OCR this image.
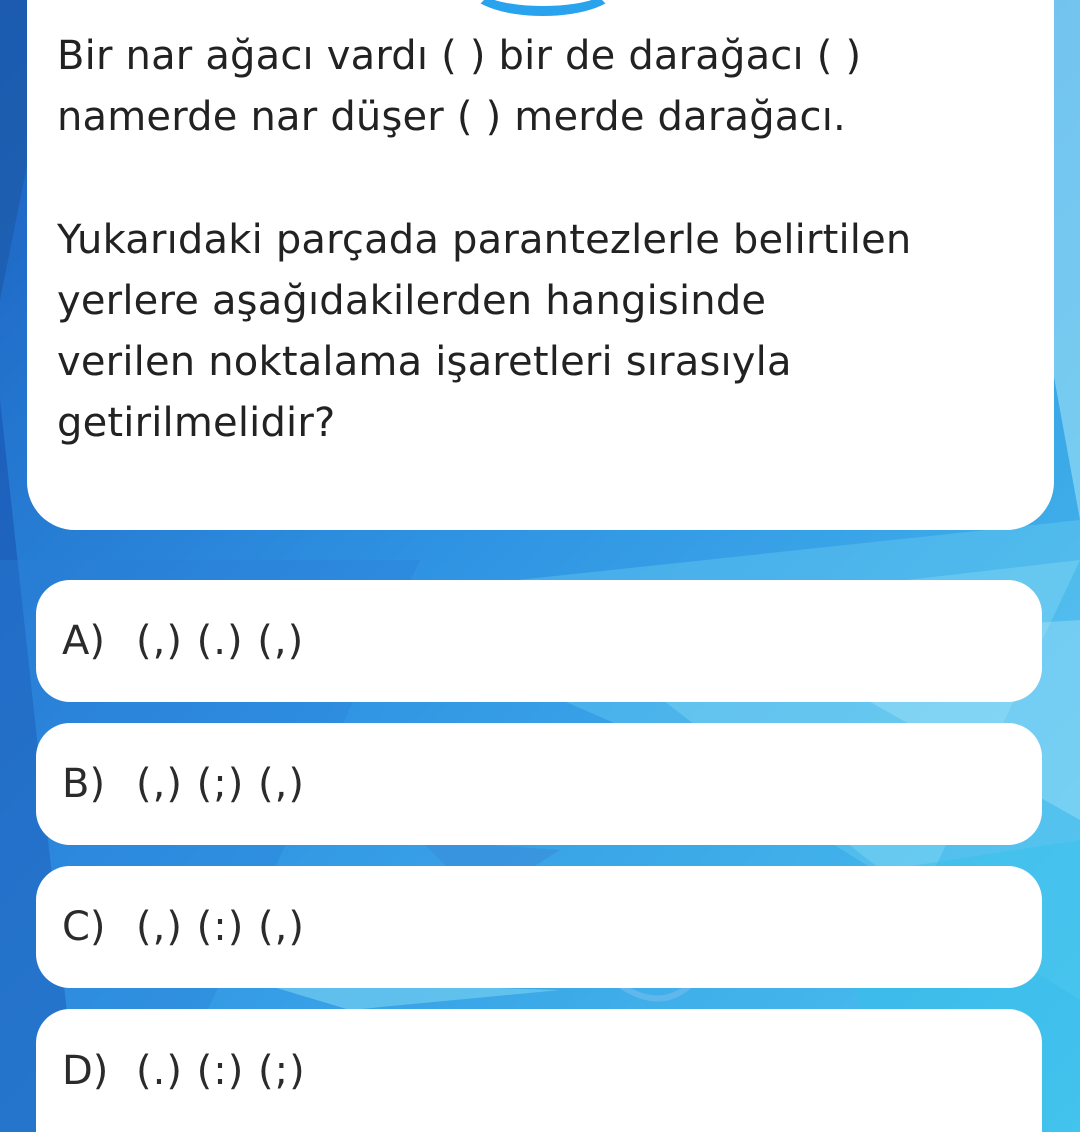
Bir nar ağacı vardı ( ) bir de darağacı ( )

namerde nar düşer ( ) merde darağacı.

Yukarıdaki parçada parantezlerle belirtilen

yerlere aşağıdakilerden hangisinde

verilen noktalama işaretleri sırasıyla

getirilmelidir?

A) (,) (.) (,)
B) (,) (;) (,)
C) (,) (:) (,)
D) (.) (:) (;)
